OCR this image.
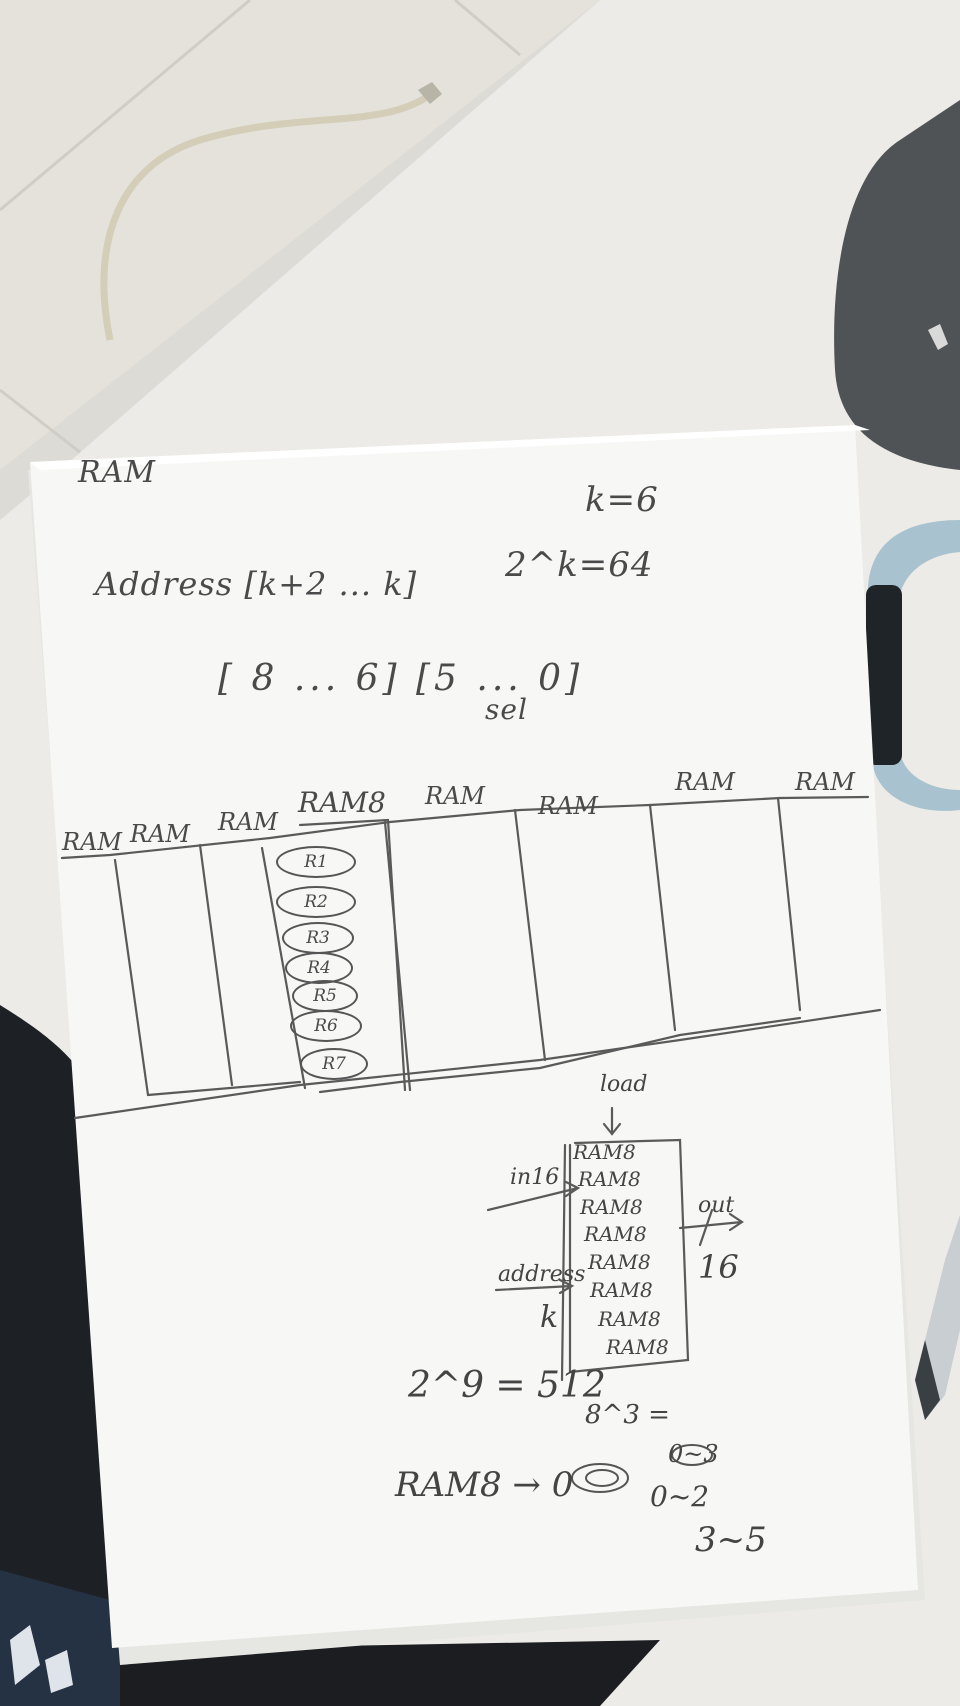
RAM
k=6
Address [k+2 ... k]	2^k=64
[ 8 ... 6] [5 ... 0]
sel
RAM RAM RAM
RAM8 RAM RAM
RAM	RAM
R1
R2
R3
R4
R5
R6
R7
load
in16
out
16
address
k
RAM8
RAM8
RAM8
RAM8
RAM8
RAM8
RAM8
RAM8
2^9 = 512
8^3 =
RAM8 → 0
0~3
0~2
3~5
